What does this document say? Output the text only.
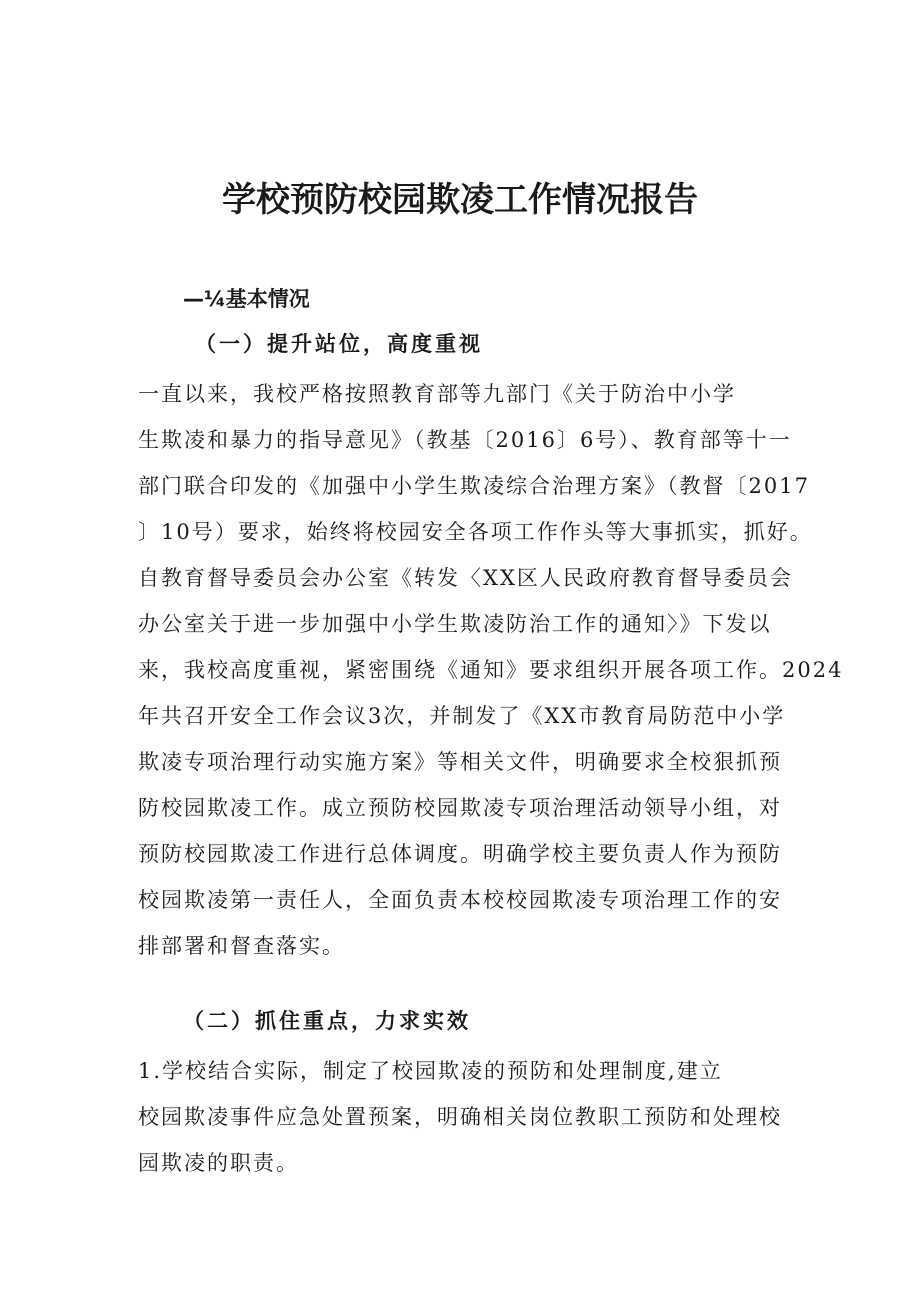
学校预防校园欺凌工作情况报告
—¼基本情况
（一）提升站位，高度重视
一直以来，我校严格按照教育部等九部门《关于防治中小学
生欺凌和暴力的指导意见》（教基〔2016〕6号）、教育部等十一
部门联合印发的《加强中小学生欺凌综合治理方案》（教督〔2017
〕10号）要求，始终将校园安全各项工作作头等大事抓实，抓好。
自教育督导委员会办公室《转发〈XX区人民政府教育督导委员会
办公室关于进一步加强中小学生欺凌防治工作的通知〉》下发以
来，我校高度重视，紧密围绕《通知》要求组织开展各项工作。2024
年共召开安全工作会议3次，并制发了《XX市教育局防范中小学
欺凌专项治理行动实施方案》等相关文件，明确要求全校狠抓预
防校园欺凌工作。成立预防校园欺凌专项治理活动领导小组，对
预防校园欺凌工作进行总体调度。明确学校主要负责人作为预防
校园欺凌第一责任人，全面负责本校校园欺凌专项治理工作的安
排部署和督查落实。
（二）抓住重点，力求实效
1.学校结合实际，制定了校园欺凌的预防和处理制度,建立
校园欺凌事件应急处置预案，明确相关岗位教职工预防和处理校
园欺凌的职责。
